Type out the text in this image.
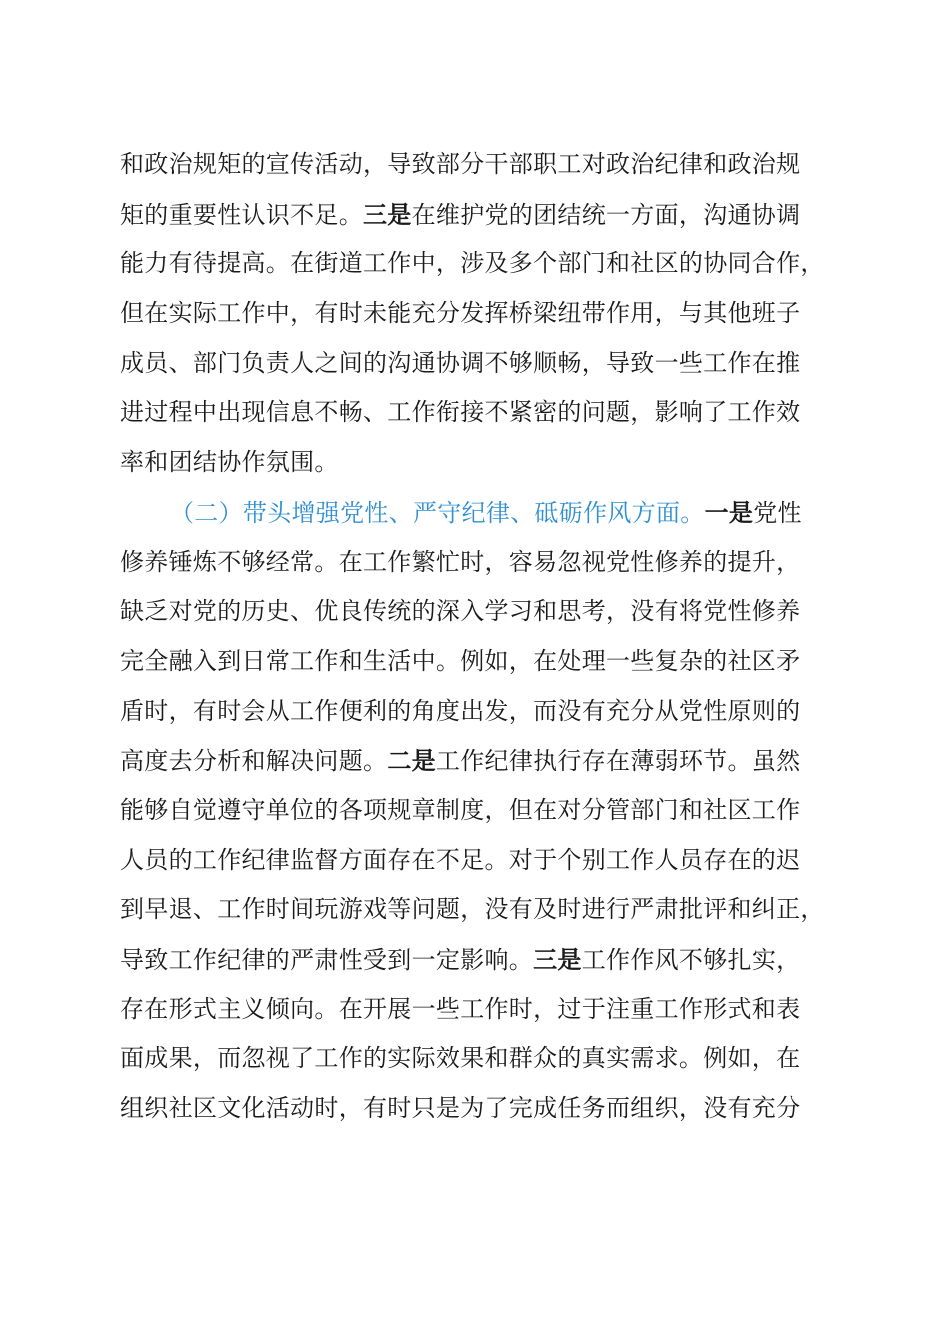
和政治规矩的宣传活动，导致部分干部职工对政治纪律和政治规
矩的重要性认识不足。三是在维护党的团结统一方面，沟通协调
能力有待提高。在街道工作中，涉及多个部门和社区的协同合作，
但在实际工作中，有时未能充分发挥桥梁纽带作用，与其他班子
成员、部门负责人之间的沟通协调不够顺畅，导致一些工作在推
进过程中出现信息不畅、工作衔接不紧密的问题，影响了工作效
率和团结协作氛围。
（二）带头增强党性、严守纪律、砥砺作风方面。一是党性
修养锤炼不够经常。在工作繁忙时，容易忽视党性修养的提升，
缺乏对党的历史、优良传统的深入学习和思考，没有将党性修养
完全融入到日常工作和生活中。例如，在处理一些复杂的社区矛
盾时，有时会从工作便利的角度出发，而没有充分从党性原则的
高度去分析和解决问题。二是工作纪律执行存在薄弱环节。虽然
能够自觉遵守单位的各项规章制度，但在对分管部门和社区工作
人员的工作纪律监督方面存在不足。对于个别工作人员存在的迟
到早退、工作时间玩游戏等问题，没有及时进行严肃批评和纠正，
导致工作纪律的严肃性受到一定影响。三是工作作风不够扎实，
存在形式主义倾向。在开展一些工作时，过于注重工作形式和表
面成果，而忽视了工作的实际效果和群众的真实需求。例如，在
组织社区文化活动时，有时只是为了完成任务而组织，没有充分
